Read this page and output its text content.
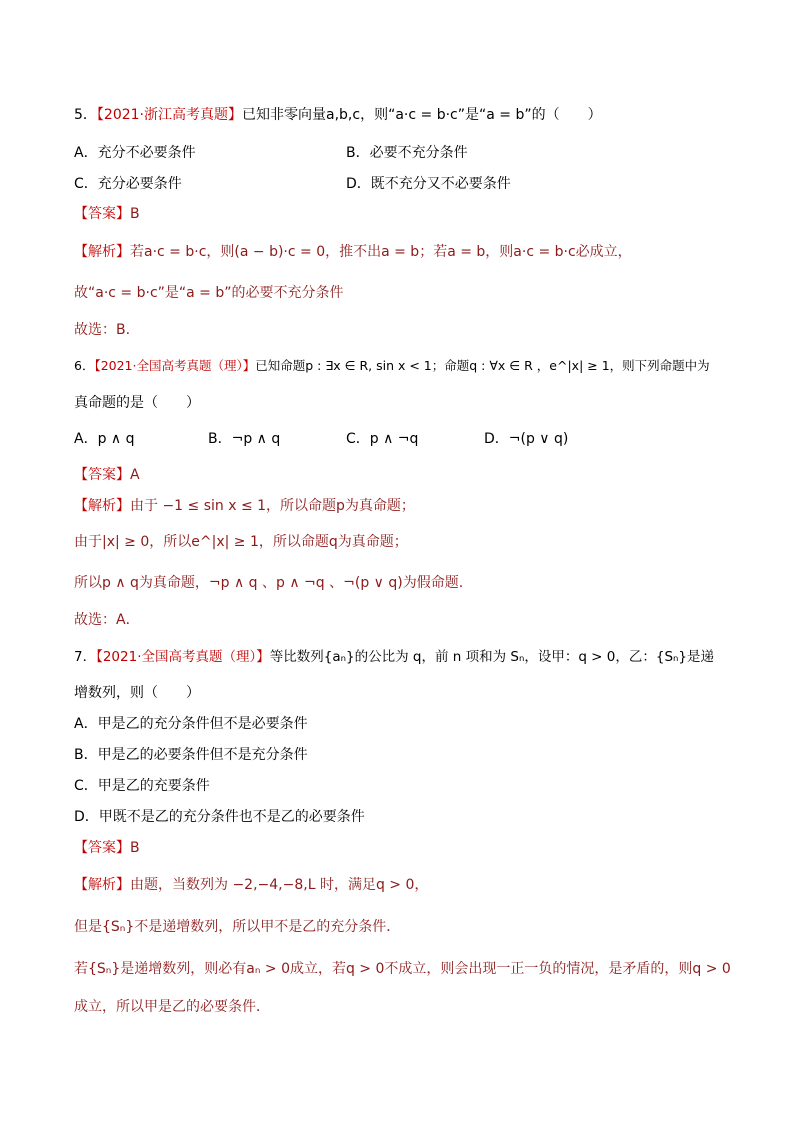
5．【2021·浙江高考真题】已知非零向量a,b,c，则“a·c = b·c”是“a = b”的（　　）
A．充分不必要条件	B．必要不充分条件
C．充分必要条件	D．既不充分又不必要条件
【答案】B
【解析】若a·c = b·c，则(a − b)·c = 0，推不出a = b；若a = b，则a·c = b·c必成立，
故“a·c = b·c”是“a = b”的必要不充分条件
故选：B.
6．【2021·全国高考真题（理）】已知命题p : ∃x ∈ R, sin x < 1；命题q : ∀x ∈ R ，e^|x| ≥ 1，则下列命题中为
真命题的是（　　）
A．p ∧ q	B．¬p ∧ q	C．p ∧ ¬q	D．¬(p ∨ q)
【答案】A
【解析】由于 −1 ≤ sin x ≤ 1，所以命题p为真命题；
由于|x| ≥ 0，所以e^|x| ≥ 1，所以命题q为真命题；
所以p ∧ q为真命题，¬p ∧ q 、p ∧ ¬q 、¬(p ∨ q)为假命题.
故选：A．
7．【2021·全国高考真题（理）】等比数列{aₙ}的公比为 q，前 n 项和为 Sₙ，设甲：q > 0，乙：{Sₙ}是递
增数列，则（　　）
A．甲是乙的充分条件但不是必要条件
B．甲是乙的必要条件但不是充分条件
C．甲是乙的充要条件
D．甲既不是乙的充分条件也不是乙的必要条件
【答案】B
【解析】由题，当数列为 −2,−4,−8,L 时，满足q > 0，
但是{Sₙ}不是递增数列，所以甲不是乙的充分条件．
若{Sₙ}是递增数列，则必有aₙ > 0成立，若q > 0不成立，则会出现一正一负的情况，是矛盾的，则q > 0
成立，所以甲是乙的必要条件．
